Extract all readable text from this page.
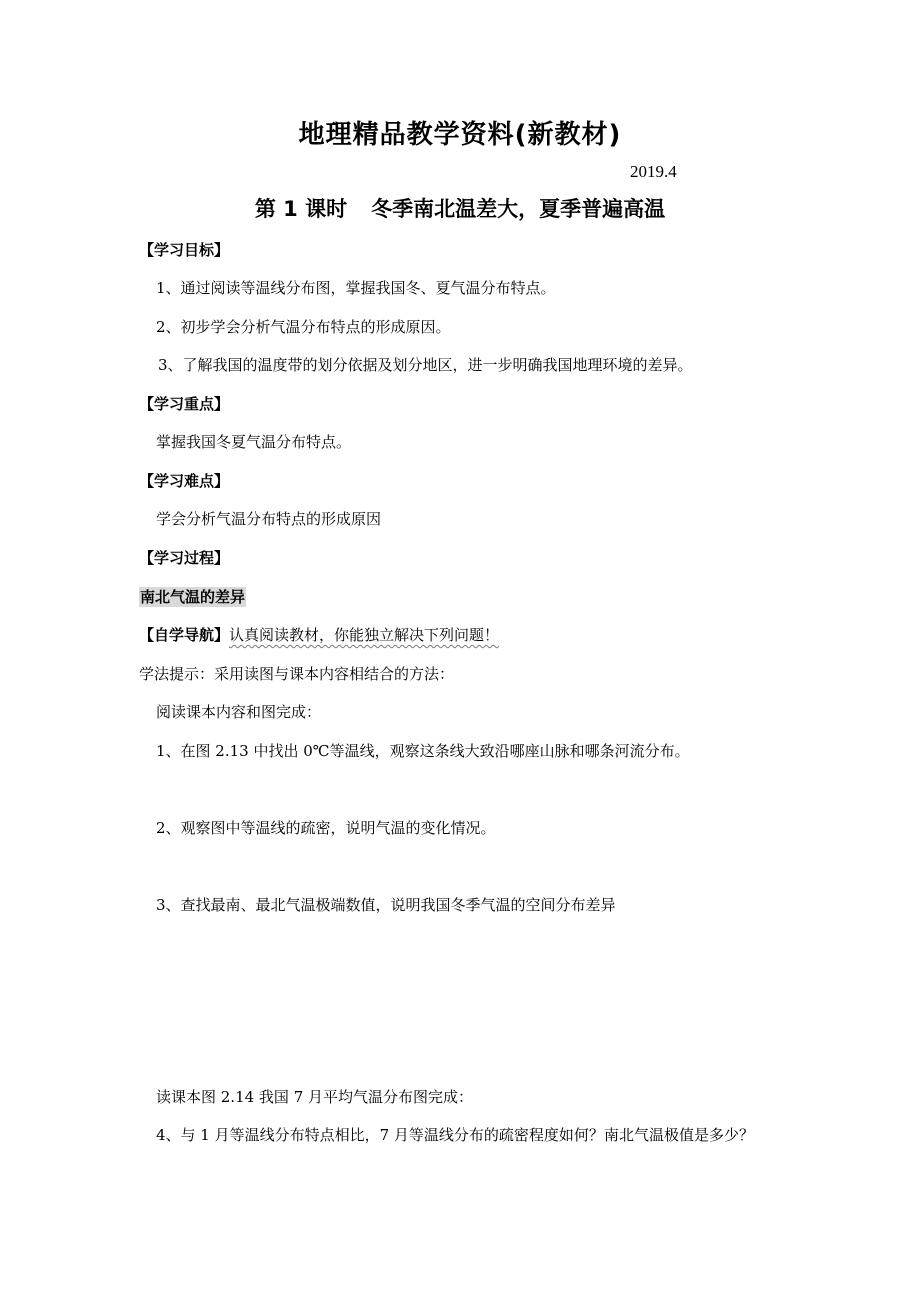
地理精品教学资料(新教材)
2019.4
第 1 课时 冬季南北温差大，夏季普遍高温
【学习目标】
1、通过阅读等温线分布图，掌握我国冬、夏气温分布特点。
2、初步学会分析气温分布特点的形成原因。
3、了解我国的温度带的划分依据及划分地区，进一步明确我国地理环境的差异。
【学习重点】
掌握我国冬夏气温分布特点。
【学习难点】
学会分析气温分布特点的形成原因
【学习过程】
南北气温的差异
【自学导航】认真阅读教材，你能独立解决下列问题！
学法提示：采用读图与课本内容相结合的方法：
阅读课本内容和图完成：
1、在图 2.13 中找出 0℃等温线，观察这条线大致沿哪座山脉和哪条河流分布。
2、观察图中等温线的疏密，说明气温的变化情况。
3、查找最南、最北气温极端数值，说明我国冬季气温的空间分布差异
读课本图 2.14 我国 7 月平均气温分布图完成：
4、与 1 月等温线分布特点相比，7 月等温线分布的疏密程度如何？南北气温极值是多少？
